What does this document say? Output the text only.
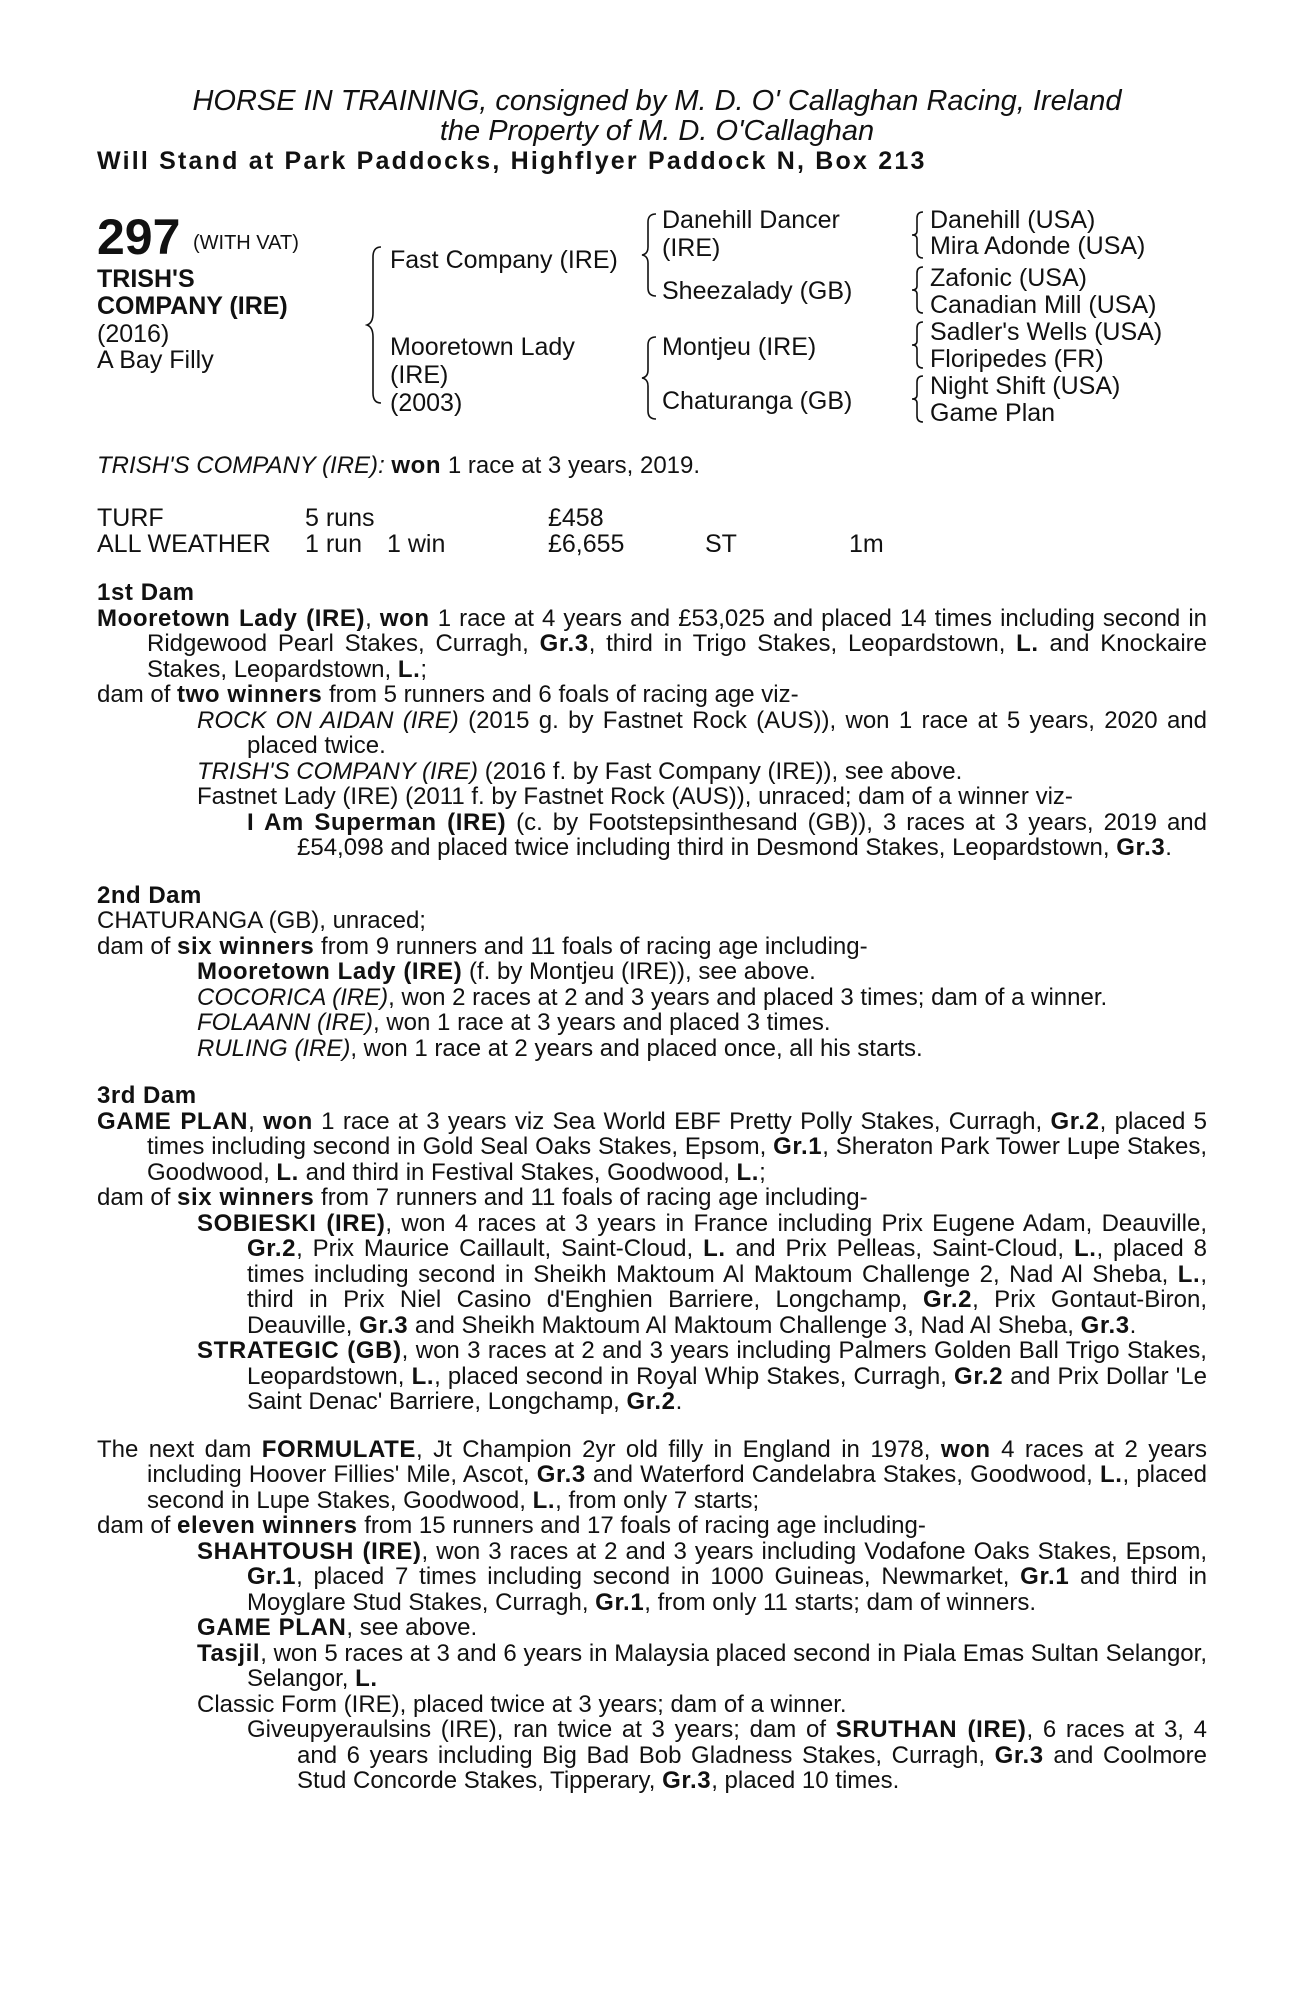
HORSE IN TRAINING, consigned by M. D. O' Callaghan Racing, Ireland
the Property of M. D. O'Callaghan
Will Stand at Park Paddocks, Highflyer Paddock N, Box 213
297 (WITH VAT)
TRISH'S
COMPANY (IRE)
(2016)
A Bay Filly
Fast Company (IRE)
Mooretown Lady
(IRE)
(2003)
Danehill Dancer
(IRE)
Sheezalady (GB)
Montjeu (IRE)
Chaturanga (GB)
Danehill (USA)
Mira Adonde (USA)
Zafonic (USA)
Canadian Mill (USA)
Sadler's Wells (USA)
Floripedes (FR)
Night Shift (USA)
Game Plan
TRISH'S COMPANY (IRE): won 1 race at 3 years, 2019.
TURF	5 runs	£458
ALL WEATHER 1 run 1 win	£6,655	ST	1m

1st Dam

Mooretown Lady (IRE), won 1 race at 4 years and £53,025 and placed 14 times including second in Ridgewood Pearl Stakes, Curragh, Gr.3, third in Trigo Stakes, Leopardstown, L. and Knockaire Stakes, Leopardstown, L.;

dam of two winners from 5 runners and 6 foals of racing age viz-

ROCK ON AIDAN (IRE) (2015 g. by Fastnet Rock (AUS)), won 1 race at 5 years, 2020 and placed twice.

TRISH'S COMPANY (IRE) (2016 f. by Fast Company (IRE)), see above.

Fastnet Lady (IRE) (2011 f. by Fastnet Rock (AUS)), unraced; dam of a winner viz-

I Am Superman (IRE) (c. by Footstepsinthesand (GB)), 3 races at 3 years, 2019 and £54,098 and placed twice including third in Desmond Stakes, Leopardstown, Gr.3.

2nd Dam

CHATURANGA (GB), unraced;

dam of six winners from 9 runners and 11 foals of racing age including-

Mooretown Lady (IRE) (f. by Montjeu (IRE)), see above.

COCORICA (IRE), won 2 races at 2 and 3 years and placed 3 times; dam of a winner.

FOLAANN (IRE), won 1 race at 3 years and placed 3 times.

RULING (IRE), won 1 race at 2 years and placed once, all his starts.

3rd Dam

GAME PLAN, won 1 race at 3 years viz Sea World EBF Pretty Polly Stakes, Curragh, Gr.2, placed 5 times including second in Gold Seal Oaks Stakes, Epsom, Gr.1, Sheraton Park Tower Lupe Stakes, Goodwood, L. and third in Festival Stakes, Goodwood, L.;

dam of six winners from 7 runners and 11 foals of racing age including-

SOBIESKI (IRE), won 4 races at 3 years in France including Prix Eugene Adam, Deauville, Gr.2, Prix Maurice Caillault, Saint-Cloud, L. and Prix Pelleas, Saint-Cloud, L., placed 8 times including second in Sheikh Maktoum Al Maktoum Challenge 2, Nad Al Sheba, L., third in Prix Niel Casino d'Enghien Barriere, Longchamp, Gr.2, Prix Gontaut-Biron, Deauville, Gr.3 and Sheikh Maktoum Al Maktoum Challenge 3, Nad Al Sheba, Gr.3.

STRATEGIC (GB), won 3 races at 2 and 3 years including Palmers Golden Ball Trigo Stakes, Leopardstown, L., placed second in Royal Whip Stakes, Curragh, Gr.2 and Prix Dollar 'Le Saint Denac' Barriere, Longchamp, Gr.2.

The next dam FORMULATE, Jt Champion 2yr old filly in England in 1978, won 4 races at 2 years including Hoover Fillies' Mile, Ascot, Gr.3 and Waterford Candelabra Stakes, Goodwood, L., placed second in Lupe Stakes, Goodwood, L., from only 7 starts;

dam of eleven winners from 15 runners and 17 foals of racing age including-

SHAHTOUSH (IRE), won 3 races at 2 and 3 years including Vodafone Oaks Stakes, Epsom, Gr.1, placed 7 times including second in 1000 Guineas, Newmarket, Gr.1 and third in Moyglare Stud Stakes, Curragh, Gr.1, from only 11 starts; dam of winners.

GAME PLAN, see above.

Tasjil, won 5 races at 3 and 6 years in Malaysia placed second in Piala Emas Sultan Selangor, Selangor, L.

Classic Form (IRE), placed twice at 3 years; dam of a winner.

Giveupyeraulsins (IRE), ran twice at 3 years; dam of SRUTHAN (IRE), 6 races at 3, 4 and 6 years including Big Bad Bob Gladness Stakes, Curragh, Gr.3 and Coolmore Stud Concorde Stakes, Tipperary, Gr.3, placed 10 times.
